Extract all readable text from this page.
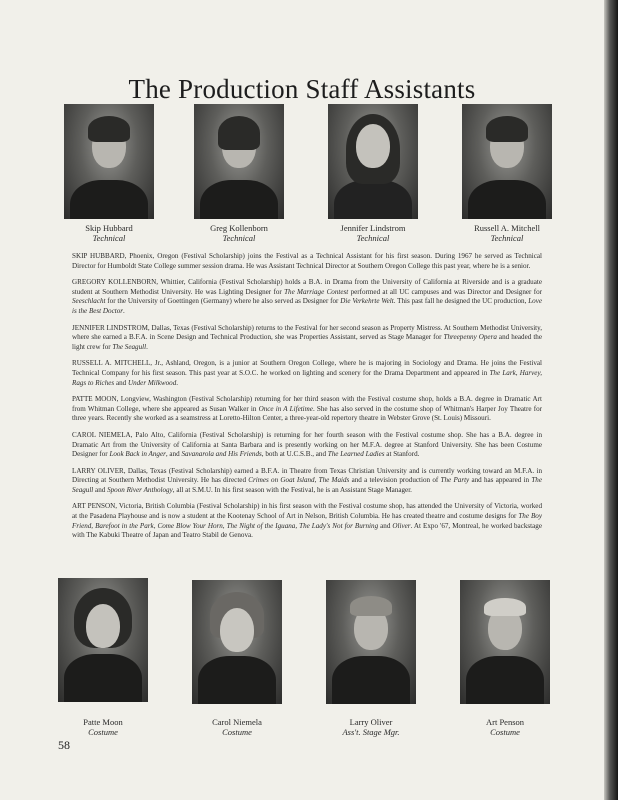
The Production Staff Assistants
Skip Hubbard
Technical
Greg Kollenborn
Technical
Jennifer Lindstrom
Technical
Russell A. Mitchell
Technical

SKIP HUBBARD, Phoenix, Oregon (Festival Scholarship) joins the Festival as a Technical Assistant for his first season. During 1967 he served as Technical Director for Humboldt State College summer session drama. He was Assistant Technical Director at Southern Oregon College this past year, where he is a senior.

GREGORY KOLLENBORN, Whittier, California (Festival Scholarship) holds a B.A. in Drama from the University of California at Riverside and is a graduate student at Southern Methodist University. He was Lighting Designer for The Marriage Contest performed at all UC campuses and was Director and Designer for Seeschlacht for the University of Goettingen (Germany) where he also served as Designer for Die Verkehrte Welt. This past fall he designed the UC production, Love is the Best Doctor.

JENNIFER LINDSTROM, Dallas, Texas (Festival Scholarship) returns to the Festival for her second season as Property Mistress. At Southern Methodist University, where she earned a B.F.A. in Scene Design and Technical Production, she was Properties Assistant, served as Stage Manager for Threepenny Opera and headed the light crew for The Seagull.

RUSSELL A. MITCHELL, Jr., Ashland, Oregon, is a junior at Southern Oregon College, where he is majoring in Sociology and Drama. He joins the Festival Technical Company for his first season. This past year at S.O.C. he worked on lighting and scenery for the Drama Department and appeared in The Lark, Harvey, Rags to Riches and Under Milkwood.

PATTE MOON, Longview, Washington (Festival Scholarship) returning for her third season with the Festival costume shop, holds a B.A. degree in Dramatic Art from Whitman College, where she appeared as Susan Walker in Once in A Lifetime. She has also served in the costume shop of Whitman's Harper Joy Theatre for three years. Recently she worked as a seamstress at Loretto-Hilton Center, a three-year-old repertory theatre in Webster Grove (St. Louis) Missouri.

CAROL NIEMELA, Palo Alto, California (Festival Scholarship) is returning for her fourth season with the Festival costume shop. She has a B.A. degree in Dramatic Art from the University of California at Santa Barbara and is presently working on her M.F.A. degree at Stanford University. She has been Costume Designer for Look Back in Anger, and Savanarola and His Friends, both at U.C.S.B., and The Learned Ladies at Stanford.

LARRY OLIVER, Dallas, Texas (Festival Scholarship) earned a B.F.A. in Theatre from Texas Christian University and is currently working toward an M.F.A. in Directing at Southern Methodist University. He has directed Crimes on Goat Island, The Maids and a television production of The Party and has appeared in The Seagull and Spoon River Anthology, all at S.M.U. In his first season with the Festival, he is an Assistant Stage Manager.

ART PENSON, Victoria, British Columbia (Festival Scholarship) in his first season with the Festival costume shop, has attended the University of Victoria, worked at the Pasadena Playhouse and is now a student at the Kootenay School of Art in Nelson, British Columbia. He has created theatre and costume designs for The Boy Friend, Barefoot in the Park, Come Blow Your Horn, The Night of the Iguana, The Lady's Not for Burning and Oliver. At Expo '67, Montreal, he worked backstage with The Kabuki Theatre of Japan and Teatro Stabil de Genova.

Patte Moon
Costume
Carol Niemela
Costume
Larry Oliver
Ass't. Stage Mgr.
Art Penson
Costume
58
